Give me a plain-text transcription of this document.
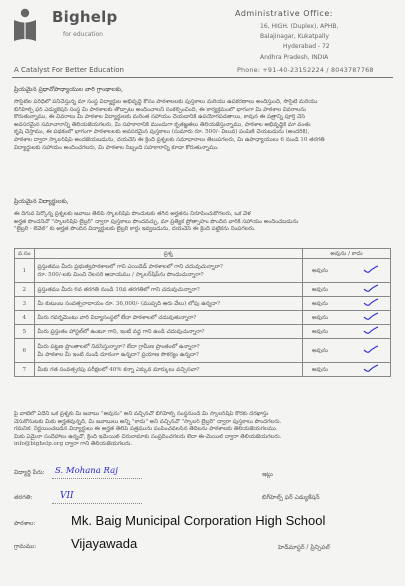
Bighelp
for education
Administrative Office:
16, HIGH. (Duplex), APHB,
Balajinagar, Kukatpally
Hyderabad - 72
Andhra Pradesh, INDIA
Phone: +91-40-23152224 / 8043787768
A Catalyst For Better Education
ప్రియమైన ప్రధానోపాధ్యాయుల వారి గ్రాంథాలకు,
సొసైటీల పరిధిలో పనిచేస్తున్న మా సంస్థ విద్యార్థుల అభివృద్ధి కోసం పాఠశాలలకు పుస్తకాలు మరియు ఉపకరణాలు అందిస్తుంది, సొసైటీ మరియు
బిగ్‌హెల్ప్ ఫర్ ఎడ్యుకేషన్ సంస్థ మీ పాఠశాలకు తోడ్పాటు అందించాలని సంకల్పించింది, ఈ కార్యక్రమంలో భాగంగా మీ పాఠశాల వివరాలను
కోరుతున్నాము, ఈ వివరాలు మీ పాఠశాల విద్యార్థులకు మరింత సహాయం చేయడానికి ఉపయోగపడతాయి, కావున ఈ పత్రాన్ని పూర్తి చేసి
అవసరమైన సమాచారాన్ని తెలియజేయగలరు, మీ సహకారానికి ముందుగా కృతజ్ఞతలు తెలియజేస్తున్నాము, పాఠశాల అభివృద్ధికి మా వంతు
కృషి చేస్తాము, ఈ పథకంలో భాగంగా పాఠశాలలకు అవసరమైన పుస్తకాలు (సుమారు రూ. 500/- విలువ) పంపిణీ చేయబడును (అందరికీ),
పాఠశాల ద్వారా స్కాలర్‌షిప్ అందజేయబడును, దయచేసి ఈ క్రింది ప్రశ్నలకు సమాధానాలు తెలుపగలరు, మీ ఉపాధ్యాయులు 6 నుండి 10 తరగతి
విద్యార్థులకు సహాయం అందించగలరు, మీ పాఠశాల సిబ్బంది సహకారాన్ని కూడా కోరుతున్నాము.
ప్రియమైన విద్యార్థులకు,
ఈ దిగువ పేర్కొన్న ప్రశ్నలకు జవాబు తెలిపి స్కాలర్‌షిప్ పొందుటకు తగిన అర్హతను నిరూపించుకోగలరు, ఒక వేళ
అర్హత పొందనిచో "స్కాలర్‌షిప్ లైబ్రరీ" ద్వారా పుస్తకాలు పొందవచ్చు, మా ప్రత్యేక ప్రోత్సాహం పొందిన వారికి సహాయం అందించబడును
"లైబ్రరీ - లెవెల్" కు అర్హత పొందిన విద్యార్థులకు లైబ్రరీ కార్డు ఇవ్వబడును, దయచేసి ఈ క్రింది పట్టికను నింపగలరు.
వ.సం	ప్రశ్న	అవును / కాదు
1	ప్రస్తుతము మీరు ప్రభుత్వపాఠశాలలో గాని ఎయిడెడ్ పాఠశాలలో గాని చదువుచున్నారా?
రూ. 500/-లకు మించి నెలసరి ఆదాయము / స్కాలర్‌షిప్‌ను పొందుచున్నారా?	అవును

2	ప్రస్తుతము మీరు 6వ తరగతి నుండి 10వ తరగతిలో గాని చదువుచున్నారా?	అవును

3	మీ కుటుంబ సంవత్సరాదాయం రూ. 36,000/- (ముప్పది ఆరు వేలు) లోపు ఉన్నదా?	అవును

4	మీరు గవర్నమెంటు వారి విద్యాసంస్థలో లేదా పాఠశాలలో చదువుతున్నారా?	అవును

5	మీరు ప్రస్తుతం హాస్టల్‌లో ఉంటూ గాని, ఇంటి వద్ద గాని ఉండి చదువుచున్నారా?	అవును

6	మీరు పట్టణ ప్రాంతాలలో నివసిస్తున్నారా? లేదా గ్రామీణ ప్రాంతంలో ఉన్నారా?
మీ పాఠశాల మీ ఇంటి నుండి దూరంగా ఉన్నదా? ప్రయాణ సౌకర్యం ఉన్నదా?	అవును

7	మీకు గత సంవత్సరపు పరీక్షలలో 40% కన్నా ఎక్కువ మార్కులు వచ్చినవా?	అవును
పై వాటిలో ఏదేని ఒక ప్రశ్నకు మీ జవాబు "అవును" అని వచ్చినచో బిగ్‌హెల్ప్ సంస్థనుండి మీ స్కాలర్‌షిప్ కొరకు దరఖాస్తు
చేసుకొనుటకు మీకు అర్హతవున్నది, మీ జవాబులు అన్నీ "కాదు" అని వచ్చినచో "స్కాలర్ లైబ్రరీ" ద్వారా పుస్తకాలు పొందగలరు.
గమనిక: నిర్ణయించబడిన విద్యార్థులు ఈ అర్హత తెలిపి పత్రమును పంపించవలసిన తేదీలను పాఠశాలకు తెలియజేయగలము.
మీకు ఏమైనా సందేహాలు ఉన్నచో, క్రింది ఇమెయిల్ చిరునామాకు సంప్రదించగలరు లేదా ఈ-మెయిల్ ద్వారా తెలియజేయగలరు.
info@bighelp.org ద్వారా గాని తెలియజేయగలరు.
విద్యార్థి పేరు: S. Mohana Raj
తరగతి:	VII
పాఠశాల:	Mk. Baig Municipal Corporation High School
గ్రామము:	Vijayawada
ఇట్లు
బిగ్‌హెల్ప్ ఫర్ ఎడ్యుకేషన్
హెడ్‌మాస్టర్ / ప్రిన్సిపల్
